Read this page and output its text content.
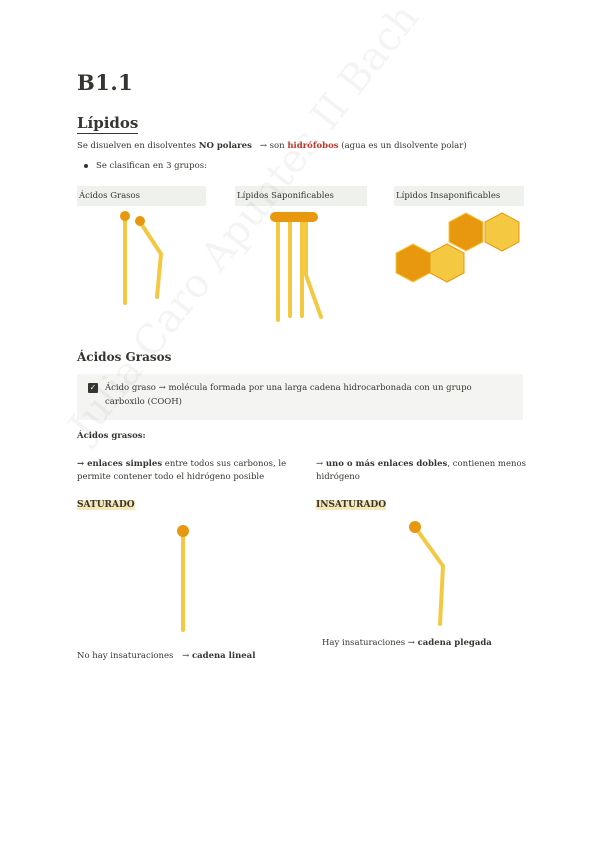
B1.1
Lípidos
Se disuelven en disolventes NO polares → son hidrófobos (agua es un disolvente polar)
Se clasifican en 3 grupos:
Ácidos Grasos	Lípidos Saponificables	Lípidos Insaponificables
Ácidos Grasos
✓ Ácido graso → molécula formada por una larga cadena hidrocarbonada con un grupo carboxilo (COOH)
Ácidos grasos:
→ enlaces simples entre todos sus carbonos, le permite contener todo el hidrógeno posible
SATURADO
→ uno o más enlaces dobles, contienen menos hidrógeno
INSATURADO
No hay insaturaciones → cadena lineal
Hay insaturaciones → cadena plegada
